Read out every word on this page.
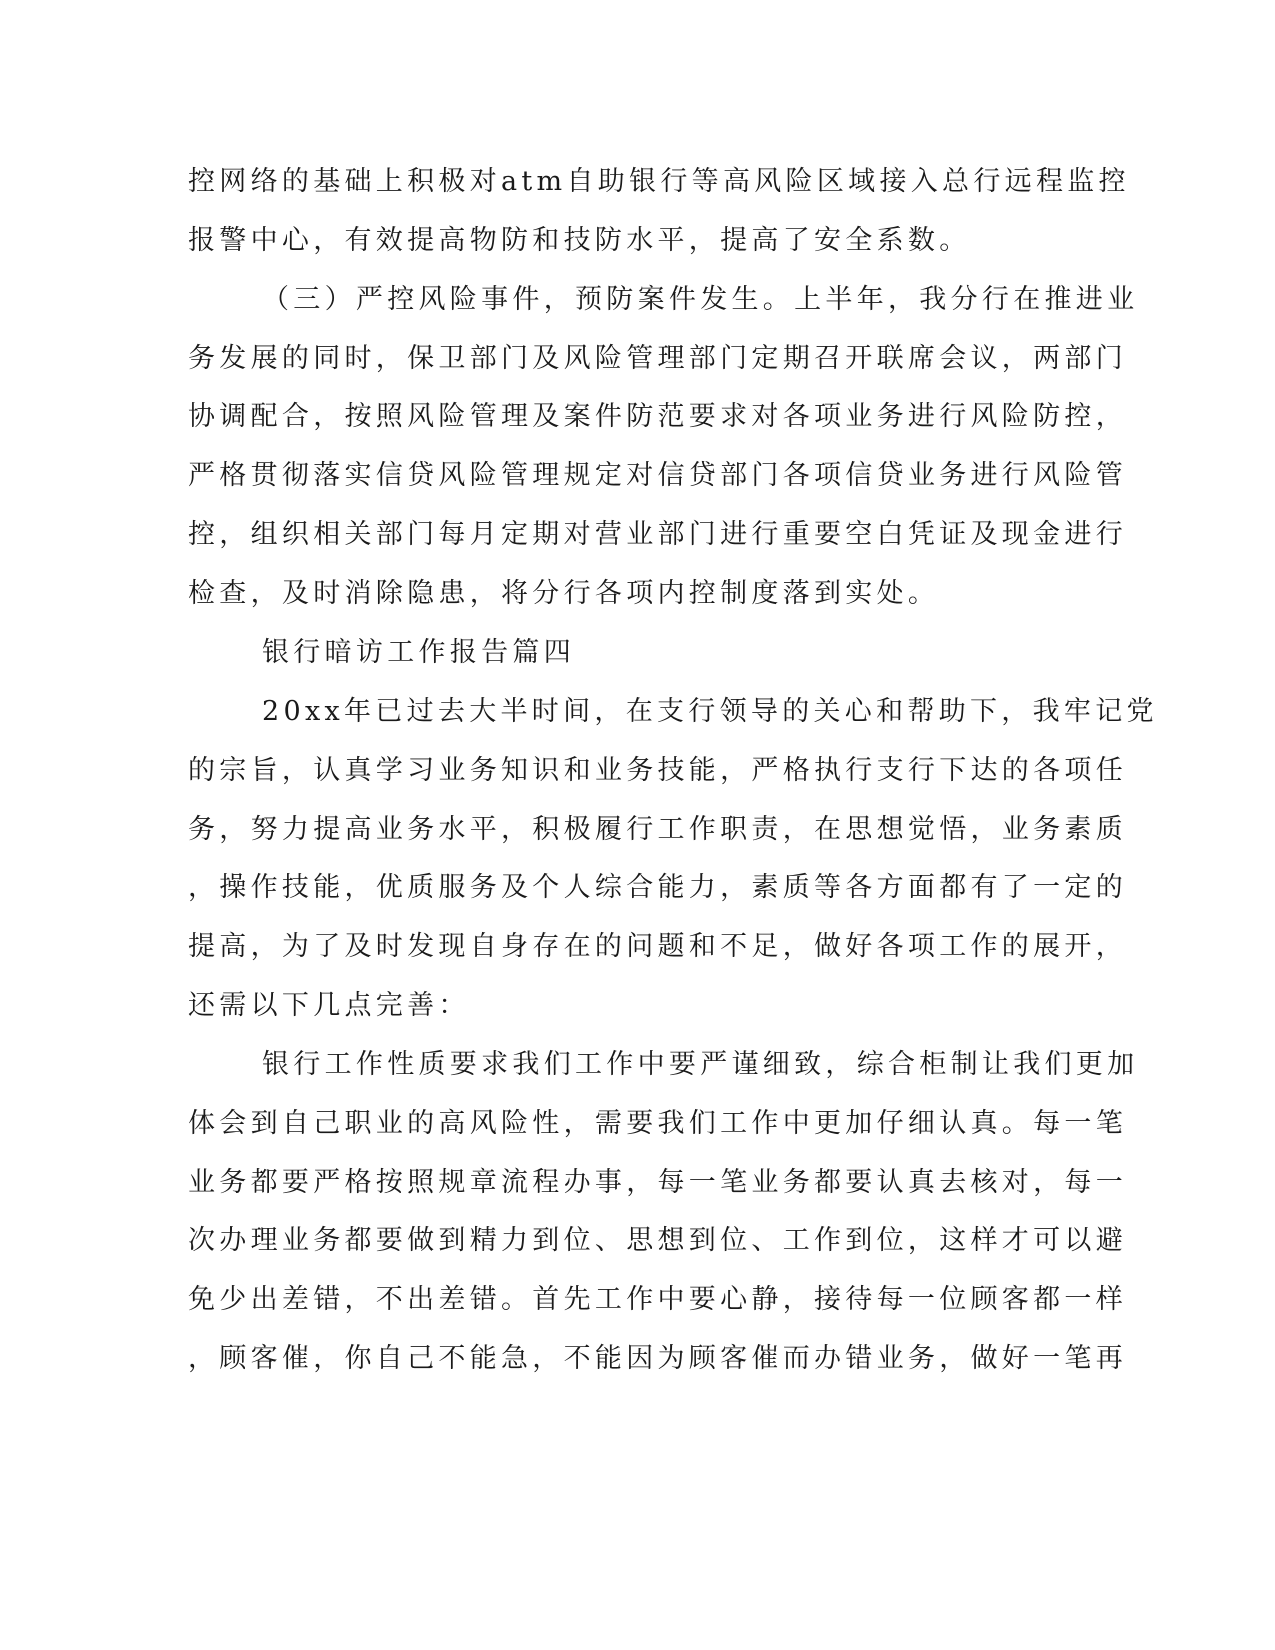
控网络的基础上积极对atm自助银行等高风险区域接入总行远程监控
报警中心，有效提高物防和技防水平，提高了安全系数。
（三）严控风险事件，预防案件发生。上半年，我分行在推进业
务发展的同时，保卫部门及风险管理部门定期召开联席会议，两部门
协调配合，按照风险管理及案件防范要求对各项业务进行风险防控，
严格贯彻落实信贷风险管理规定对信贷部门各项信贷业务进行风险管
控，组织相关部门每月定期对营业部门进行重要空白凭证及现金进行
检查，及时消除隐患，将分行各项内控制度落到实处。
银行暗访工作报告篇四
20xx年已过去大半时间，在支行领导的关心和帮助下，我牢记党
的宗旨，认真学习业务知识和业务技能，严格执行支行下达的各项任
务，努力提高业务水平，积极履行工作职责，在思想觉悟，业务素质
，操作技能，优质服务及个人综合能力，素质等各方面都有了一定的
提高，为了及时发现自身存在的问题和不足，做好各项工作的展开，
还需以下几点完善：
银行工作性质要求我们工作中要严谨细致，综合柜制让我们更加
体会到自己职业的高风险性，需要我们工作中更加仔细认真。每一笔
业务都要严格按照规章流程办事，每一笔业务都要认真去核对，每一
次办理业务都要做到精力到位、思想到位、工作到位，这样才可以避
免少出差错，不出差错。首先工作中要心静，接待每一位顾客都一样
，顾客催，你自己不能急，不能因为顾客催而办错业务，做好一笔再
